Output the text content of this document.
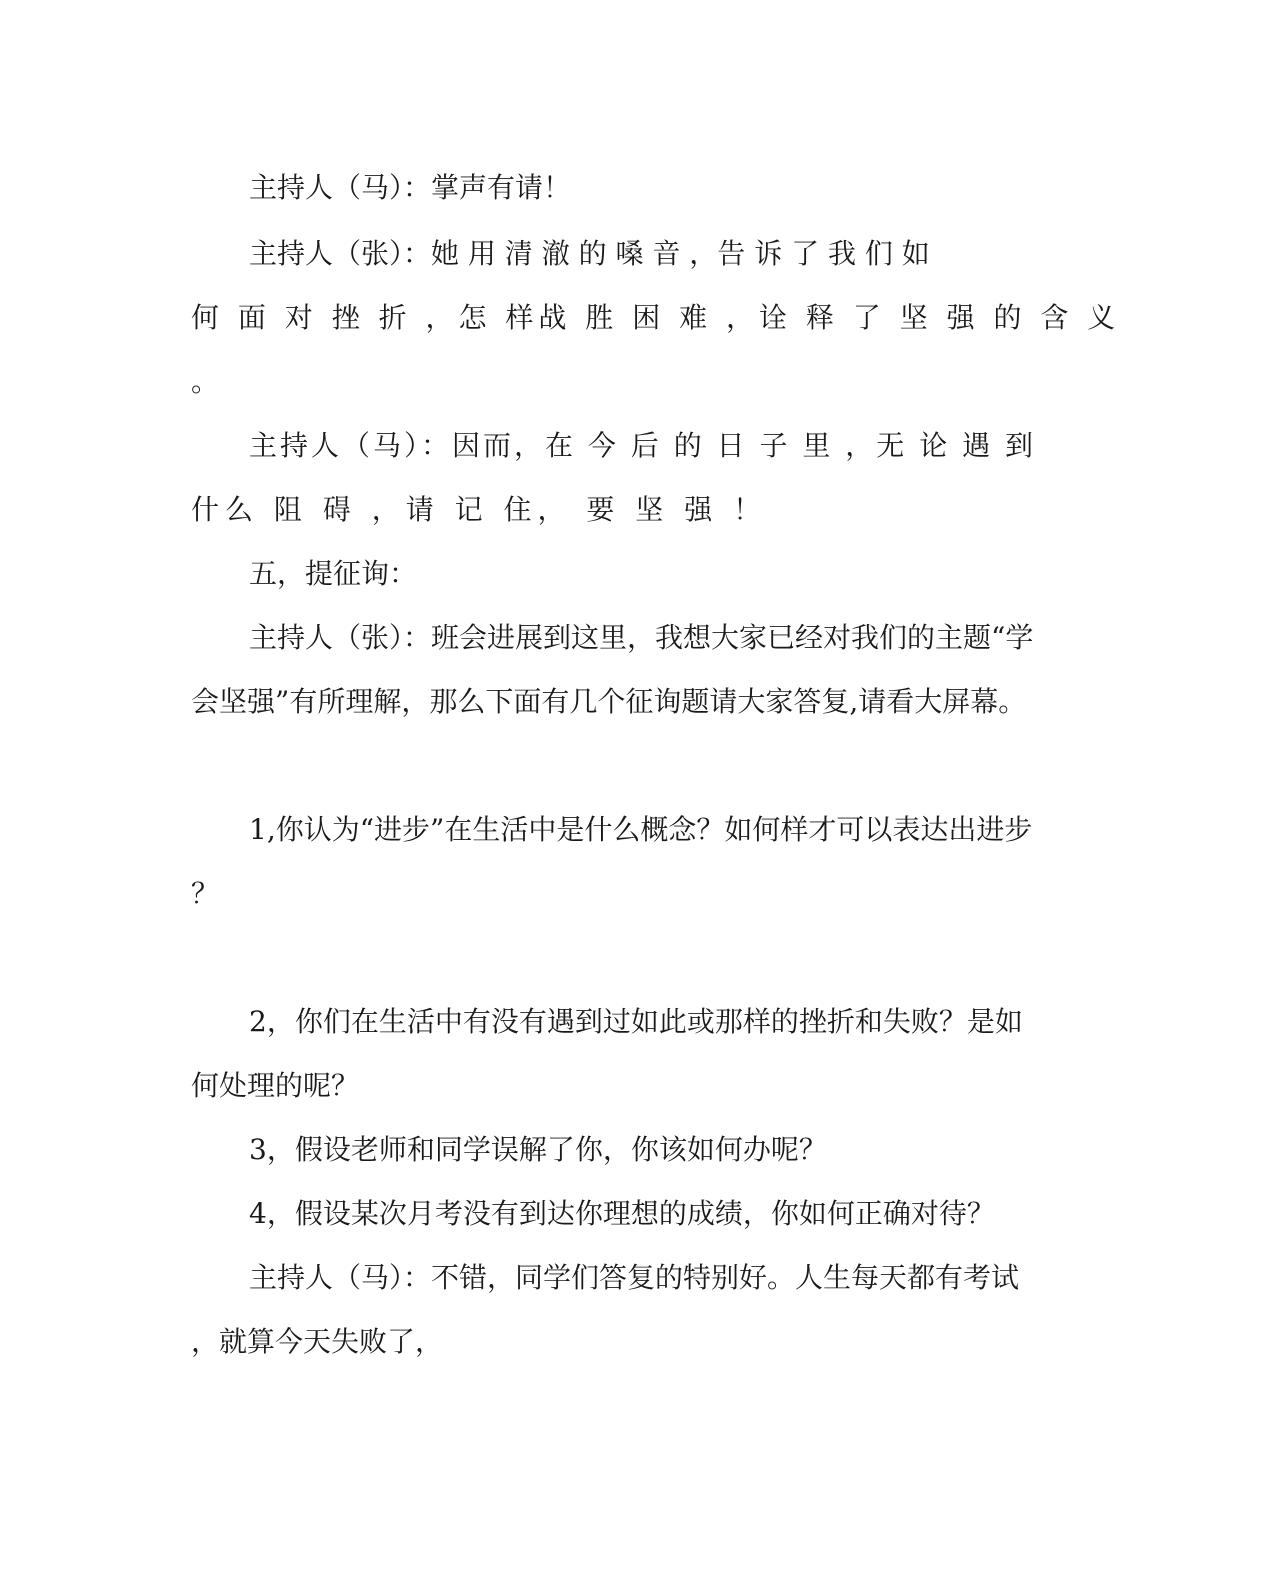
主持人（马）：掌声有请！

主持人（张）：她 用 清 澈 的 嗓 音 ，告 诉 了 我 们 如

何 面 对 挫 折 ，怎 样战 胜 困 难 ，诠 释 了 坚 强 的 含 义

。

主持人（马）：因而，在 今 后 的 日 子 里 ，无 论 遇 到

什么 阻 碍 ，请 记 住， 要 坚 强 ！

五，提征询：

主持人（张）：班会进展到这里，我想大家已经对我们的主题“学

会坚强”有所理解，那么下面有几个征询题请大家答复,请看大屏幕。

1,你认为“进步”在生活中是什么概念？如何样才可以表达出进步

？

2，你们在生活中有没有遇到过如此或那样的挫折和失败？是如

何处理的呢？

3，假设老师和同学误解了你，你该如何办呢？

4，假设某次月考没有到达你理想的成绩，你如何正确对待？

主持人（马）：不错，同学们答复的特别好。人生每天都有考试

，就算今天失败了，
